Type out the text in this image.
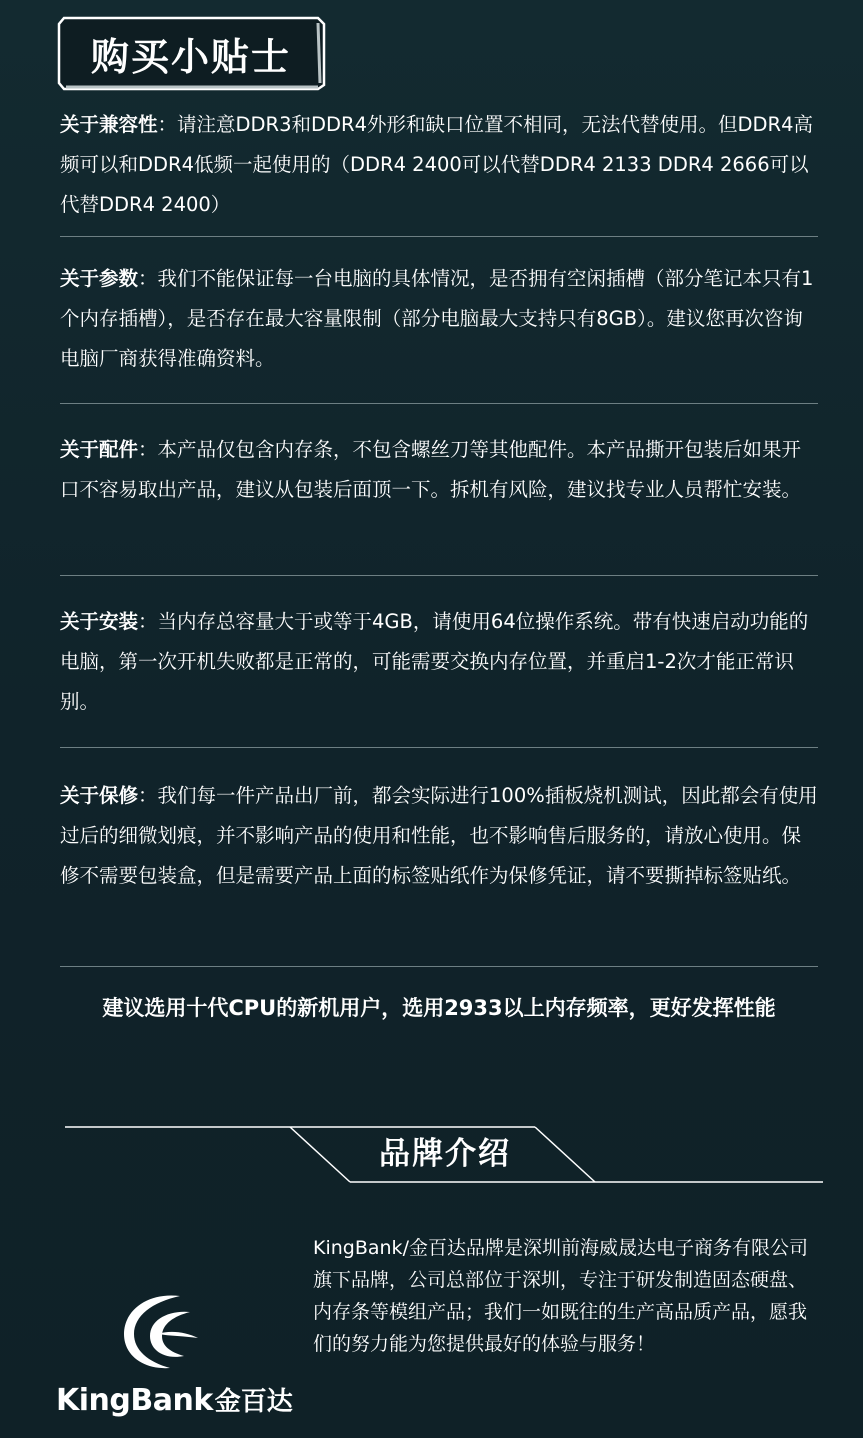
购买小贴士
关于兼容性：请注意DDR3和DDR4外形和缺口位置不相同，无法代替使用。但DDR4高频可以和DDR4低频一起使用的（DDR4 2400可以代替DDR4 2133 DDR4 2666可以代替DDR4 2400）
关于参数：我们不能保证每一台电脑的具体情况，是否拥有空闲插槽（部分笔记本只有1个内存插槽），是否存在最大容量限制（部分电脑最大支持只有8GB）。建议您再次咨询电脑厂商获得准确资料。
关于配件：本产品仅包含内存条，不包含螺丝刀等其他配件。本产品撕开包装后如果开口不容易取出产品，建议从包装后面顶一下。拆机有风险，建议找专业人员帮忙安装。
关于安装：当内存总容量大于或等于4GB，请使用64位操作系统。带有快速启动功能的电脑，第一次开机失败都是正常的，可能需要交换内存位置，并重启1-2次才能正常识别。
关于保修：我们每一件产品出厂前，都会实际进行100%插板烧机测试，因此都会有使用过后的细微划痕，并不影响产品的使用和性能，也不影响售后服务的，请放心使用。保修不需要包装盒，但是需要产品上面的标签贴纸作为保修凭证，请不要撕掉标签贴纸。
建议选用十代CPU的新机用户，选用2933以上内存频率，更好发挥性能
品牌介绍
KingBank/金百达品牌是深圳前海威晟达电子商务有限公司旗下品牌，公司总部位于深圳，专注于研发制造固态硬盘、内存条等模组产品；我们一如既往的生产高品质产品，愿我们的努力能为您提供最好的体验与服务！
KingBank 金百达
